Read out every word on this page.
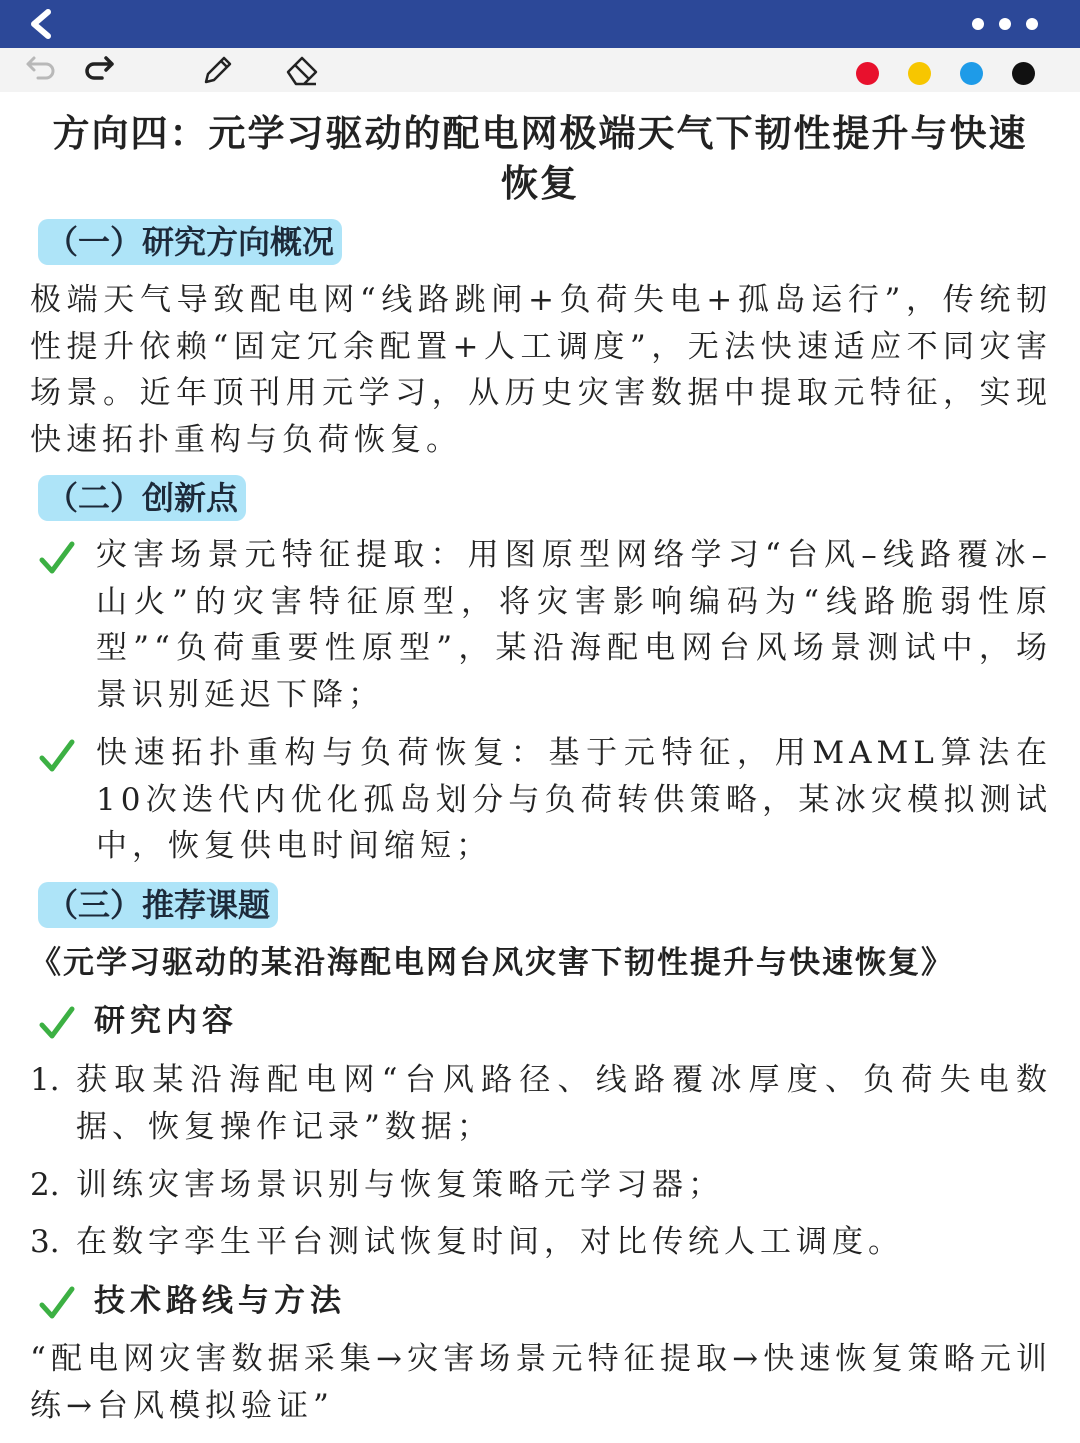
方向四：元学习驱动的配电网极端天气下韧性提升与快速恢复
（一）研究方向概况
极端天气导致配电网“线路跳闸+负荷失电+孤岛运行”，传统韧性提升依赖“固定冗余配置+人工调度”，无法快速适应不同灾害场景。近年顶刊用元学习，从历史灾害数据中提取元特征，实现快速拓扑重构与负荷恢复。
（二）创新点
灾害场景元特征提取：用图原型网络学习“台风–线路覆冰–山火”的灾害特征原型，将灾害影响编码为“线路脆弱性原型”“负荷重要性原型”，某沿海配电网台风场景测试中，场景识别延迟下降；
快速拓扑重构与负荷恢复：基于元特征，用MAML算法在10次迭代内优化孤岛划分与负荷转供策略，某冰灾模拟测试中，恢复供电时间缩短；
（三）推荐课题
《元学习驱动的某沿海配电网台风灾害下韧性提升与快速恢复》
研究内容
1. 获取某沿海配电网“台风路径、线路覆冰厚度、负荷失电数据、恢复操作记录”数据；
2. 训练灾害场景识别与恢复策略元学习器；
3. 在数字孪生平台测试恢复时间，对比传统人工调度。
技术路线与方法
“配电网灾害数据采集→灾害场景元特征提取→快速恢复策略元训练→台风模拟验证”
